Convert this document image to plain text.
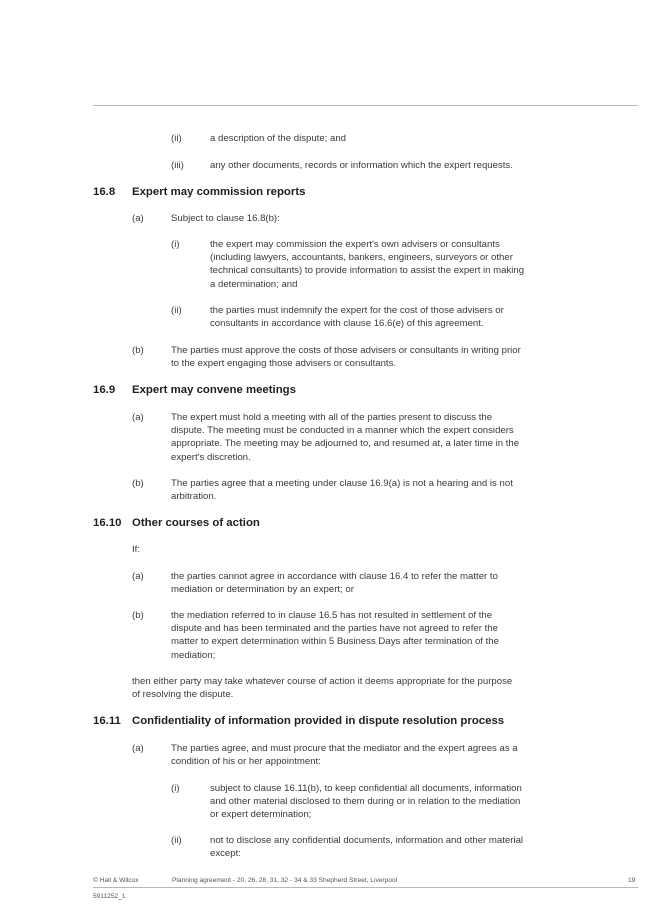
(ii)	a description of the dispute; and
(iii)	any other documents, records or information which the expert requests.
16.8 Expert may commission reports
(a)	Subject to clause 16.8(b):
(i)	the expert may commission the expert's own advisers or consultants
(including lawyers, accountants, bankers, engineers, surveyors or other
technical consultants) to provide information to assist the expert in making
a determination; and
(ii)	the parties must indemnify the expert for the cost of those advisers or
consultants in accordance with clause 16.6(e) of this agreement.
(b)	The parties must approve the costs of those advisers or consultants in writing prior
to the expert engaging those advisers or consultants.
16.9 Expert may convene meetings
(a)	The expert must hold a meeting with all of the parties present to discuss the
dispute. The meeting must be conducted in a manner which the expert considers
appropriate. The meeting may be adjourned to, and resumed at, a later time in the
expert's discretion.
(b)	The parties agree that a meeting under clause 16.9(a) is not a hearing and is not
arbitration.
16.10 Other courses of action
If:
(a)	the parties cannot agree in accordance with clause 16.4 to refer the matter to
mediation or determination by an expert; or
(b)	the mediation referred to in clause 16.5 has not resulted in settlement of the
dispute and has been terminated and the parties have not agreed to refer the
matter to expert determination within 5 Business Days after termination of the
mediation;
then either party may take whatever course of action it deems appropriate for the purpose
of resolving the dispute.
16.11 Confidentiality of information provided in dispute resolution process
(a)	The parties agree, and must procure that the mediator and the expert agrees as a
condition of his or her appointment:
(i)	subject to clause 16.11(b), to keep confidential all documents, information
and other material disclosed to them during or in relation to the mediation
or expert determination;
(ii)	not to disclose any confidential documents, information and other material
except:
© Hall & Wilcox	Planning agreement - 20, 26, 28, 31, 32 - 34 & 33 Shepherd Street, Liverpool	19
5911252_1
